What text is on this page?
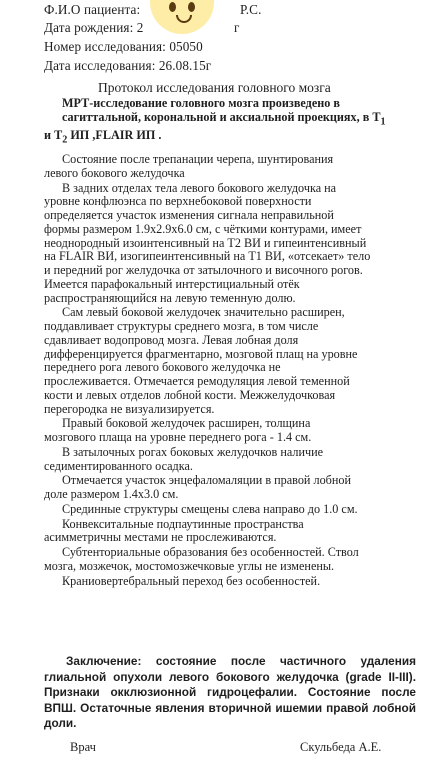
Ф.И.О пациента:	Р.С.
Дата рождения: 2	г
Номер исследования: 05050
Дата исследования: 26.08.15г
Протокол исследования головного мозга
МРТ-исследование головного мозга произведено в
сагиттальной, корональной и аксиальной проекциях, в $T_1$
и $T_2$ ИП ,FLAIR ИП .
Состояние после трепанации черепа, шунтирования
левого бокового желудочка
В задних отделах тела левого бокового желудочка на
уровне конфлюэнса по верхнебоковой поверхности
определяется участок изменения сигнала неправильной
формы размером 1.9х2.9х6.0 см, с чёткими контурами, имеет
неоднородный изоинтенсивный на Т2 ВИ и гипеинтенсивный
на FLAIR ВИ, изогипеинтенсивный на Т1 ВИ, «отсекает» тело
и передний рог желудочка от затылочного и височного рогов.
Имеется парафокальный интерстициальный отёк
распространяющийся на левую теменную долю.
Сам левый боковой желудочек значительно расширен,
поддавливает структуры среднего мозга, в том числе
сдавливает водопровод мозга. Левая лобная доля
дифференцируется фрагментарно, мозговой плащ на уровне
переднего рога левого бокового желудочка не
прослеживается. Отмечается ремодуляция левой теменной
кости и левых отделов лобной кости. Межжелудочковая
перегородка не визуализируется.
Правый боковой желудочек расширен, толщина
мозгового плаща на уровне переднего рога - 1.4 см.
В затылочных рогах боковых желудочков наличие
седиментированного осадка.
Отмечается участок энцефаломаляции в правой лобной
доле размером 1.4х3.0 см.
Срединные структуры смещены слева направо до 1.0 см.
Конвекситальные подпаутинные пространства
асимметричны местами не прослеживаются.
Субтенториальные образования без особенностей. Ствол
мозга, мозжечок, мостомозжечковые углы не изменены.
Краниовертебральный переход без особенностей.
Заключение: состояние после частичного удаления глиальной опухоли левого бокового желудочка (grade II-III). Признаки окклюзионной гидроцефалии. Состояние после ВПШ. Остаточные явления вторичной ишемии правой лобной доли.
Врач	Скульбеда А.Е.
